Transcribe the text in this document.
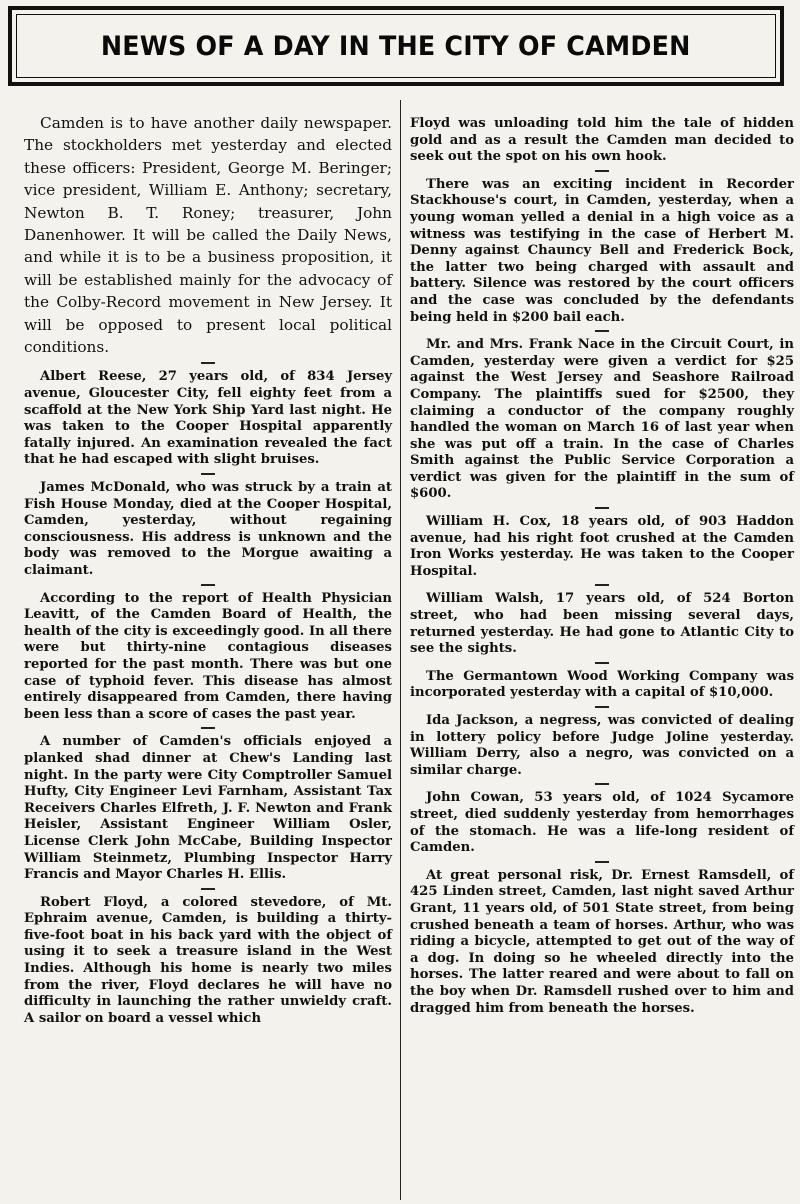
NEWS OF A DAY IN THE CITY OF CAMDEN

Camden is to have another daily newspaper. The stockholders met yesterday and elected these officers: President, George M. Beringer; vice president, William E. Anthony; secretary, Newton B. T. Roney; treasurer, John Danenhower. It will be called the Daily News, and while it is to be a business proposition, it will be established mainly for the advocacy of the Colby-Record movement in New Jersey. It will be opposed to present local political conditions.

Albert Reese, 27 years old, of 834 Jersey avenue, Gloucester City, fell eighty feet from a scaffold at the New York Ship Yard last night. He was taken to the Cooper Hospital apparently fatally injured. An examination revealed the fact that he had escaped with slight bruises.

James McDonald, who was struck by a train at Fish House Monday, died at the Cooper Hospital, Camden, yesterday, without regaining consciousness. His address is unknown and the body was removed to the Morgue awaiting a claimant.

According to the report of Health Physician Leavitt, of the Camden Board of Health, the health of the city is exceedingly good. In all there were but thirty-nine contagious diseases reported for the past month. There was but one case of typhoid fever. This disease has almost entirely disappeared from Camden, there having been less than a score of cases the past year.

A number of Camden's officials enjoyed a planked shad dinner at Chew's Landing last night. In the party were City Comptroller Samuel Hufty, City Engineer Levi Farnham, Assistant Tax Receivers Charles Elfreth, J. F. Newton and Frank Heisler, Assistant Engineer William Osler, License Clerk John McCabe, Building Inspector William Steinmetz, Plumbing Inspector Harry Francis and Mayor Charles H. Ellis.

Robert Floyd, a colored stevedore, of Mt. Ephraim avenue, Camden, is building a thirty-five-foot boat in his back yard with the object of using it to seek a treasure island in the West Indies. Although his home is nearly two miles from the river, Floyd declares he will have no difficulty in launching the rather unwieldy craft. A sailor on board a vessel which

Floyd was unloading told him the tale of hidden gold and as a result the Camden man decided to seek out the spot on his own hook.

There was an exciting incident in Recorder Stackhouse's court, in Camden, yesterday, when a young woman yelled a denial in a high voice as a witness was testifying in the case of Herbert M. Denny against Chauncy Bell and Frederick Bock, the latter two being charged with assault and battery. Silence was restored by the court officers and the case was concluded by the defendants being held in $200 bail each.

Mr. and Mrs. Frank Nace in the Circuit Court, in Camden, yesterday were given a verdict for $25 against the West Jersey and Seashore Railroad Company. The plaintiffs sued for $2500, they claiming a conductor of the company roughly handled the woman on March 16 of last year when she was put off a train. In the case of Charles Smith against the Public Service Corporation a verdict was given for the plaintiff in the sum of $600.

William H. Cox, 18 years old, of 903 Haddon avenue, had his right foot crushed at the Camden Iron Works yesterday. He was taken to the Cooper Hospital.

William Walsh, 17 years old, of 524 Borton street, who had been missing several days, returned yesterday. He had gone to Atlantic City to see the sights.

The Germantown Wood Working Company was incorporated yesterday with a capital of $10,000.

Ida Jackson, a negress, was convicted of dealing in lottery policy before Judge Joline yesterday. William Derry, also a negro, was convicted on a similar charge.

John Cowan, 53 years old, of 1024 Sycamore street, died suddenly yesterday from hemorrhages of the stomach. He was a life-long resident of Camden.

At great personal risk, Dr. Ernest Ramsdell, of 425 Linden street, Camden, last night saved Arthur Grant, 11 years old, of 501 State street, from being crushed beneath a team of horses. Arthur, who was riding a bicycle, attempted to get out of the way of a dog. In doing so he wheeled directly into the horses. The latter reared and were about to fall on the boy when Dr. Ramsdell rushed over to him and dragged him from beneath the horses.
